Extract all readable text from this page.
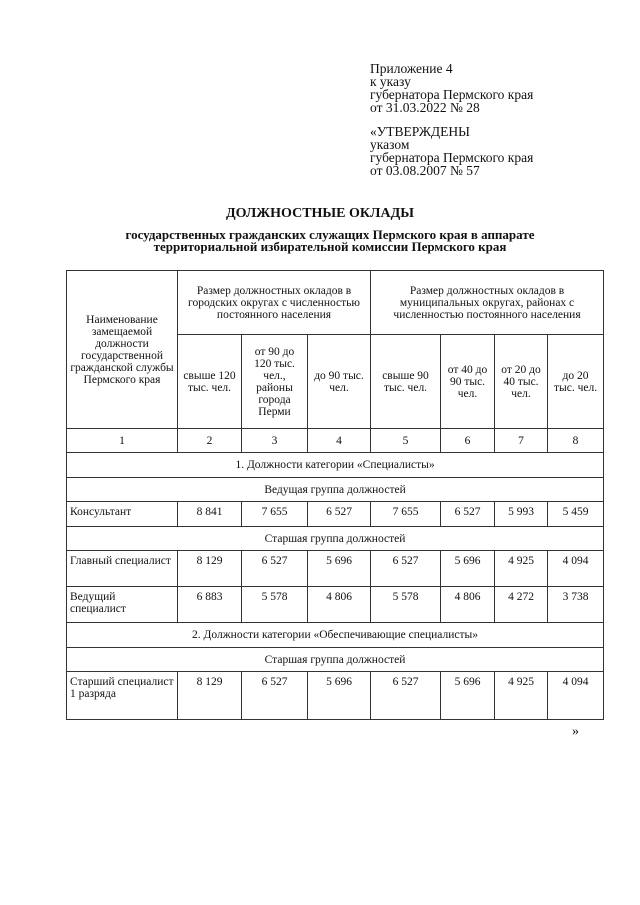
Приложение 4
к указу
губернатора Пермского края
от 31.03.2022 № 28
«УТВЕРЖДЕНЫ
указом
губернатора Пермского края
от 03.08.2007 № 57
ДОЛЖНОСТНЫЕ ОКЛАДЫ
государственных гражданских служащих Пермского края в аппарате
территориальной избирательной комиссии Пермского края
Наименование замещаемой должности государственной гражданской службы Пермского края	Размер должностных окладов в городских округах с численностью постоянного населения			Размер должностных окладов в муниципальных округах, районах с численностью постоянного населения			
	свыше 120 тыс. чел.	от 90 до 120 тыс. чел., районы города Перми	до 90 тыс. чел.	свыше 90 тыс. чел.	от 40 до 90 тыс. чел.	от 20 до 40 тыс. чел.	до 20 тыс. чел.
1	2	3	4	5	6	7	8
1. Должности категории «Специалисты»							
Ведущая группа должностей							
Консультант	8 841	7 655	6 527	7 655	6 527	5 993	5 459
Старшая группа должностей							
Главный специалист	8 129	6 527	5 696	6 527	5 696	4 925	4 094
Ведущий специалист	6 883	5 578	4 806	5 578	4 806	4 272	3 738
2. Должности категории «Обеспечивающие специалисты»							
Старшая группа должностей							
Старший специалист 1 разряда	8 129	6 527	5 696	6 527	5 696	4 925	4 094
»
